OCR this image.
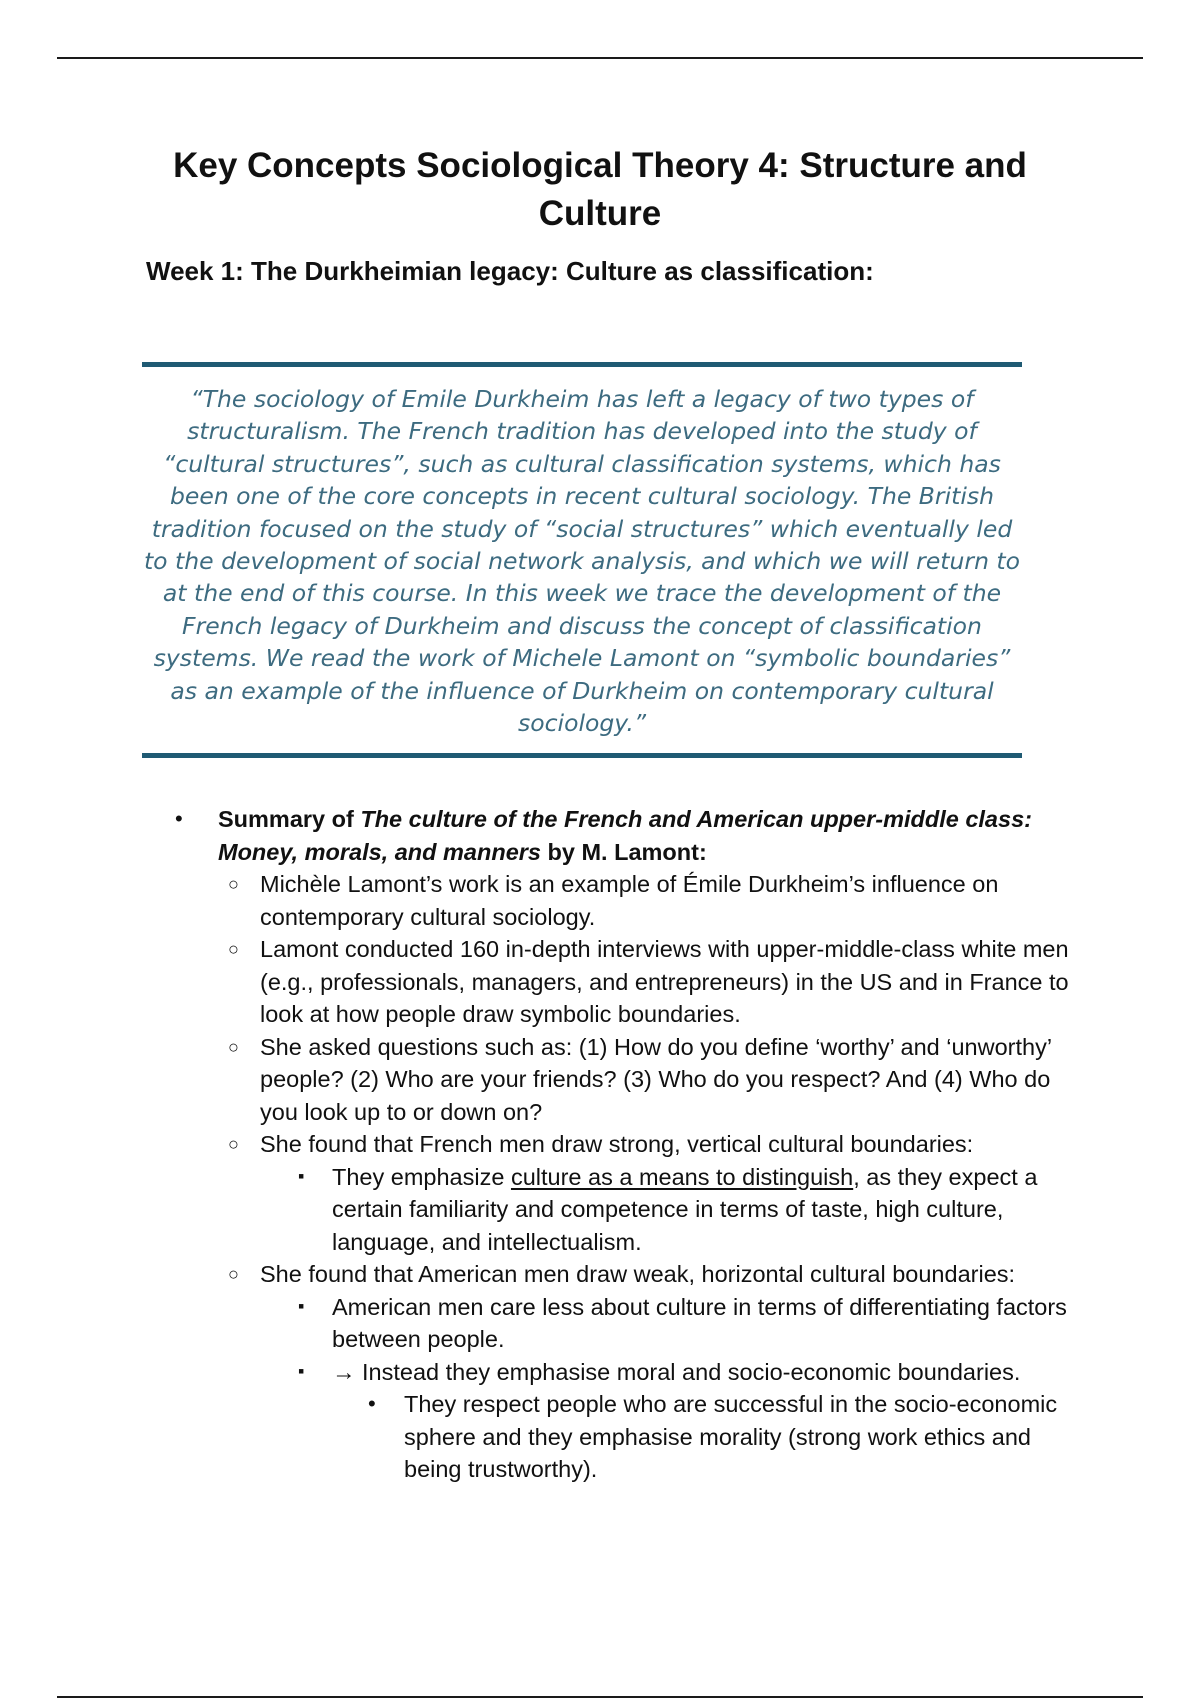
Key Concepts Sociological Theory 4: Structure and Culture
Week 1: The Durkheimian legacy: Culture as classification:

“The sociology of Emile Durkheim has left a legacy of two types of structuralism. The French tradition has developed into the study of “cultural structures”, such as cultural classification systems, which has been one of the core concepts in recent cultural sociology. The British tradition focused on the study of “social structures” which eventually led to the development of social network analysis, and which we will return to at the end of this course. In this week we trace the development of the French legacy of Durkheim and discuss the concept of classification systems. We read the work of Michele Lamont on “symbolic boundaries” as an example of the influence of Durkheim on contemporary cultural sociology.”

• Summary of The culture of the French and American upper-middle class: Money, morals, and manners by M. Lamont:
○ Michèle Lamont’s work is an example of Émile Durkheim’s influence on contemporary cultural sociology.
○ Lamont conducted 160 in-depth interviews with upper-middle-class white men (e.g., professionals, managers, and entrepreneurs) in the US and in France to look at how people draw symbolic boundaries.
○ She asked questions such as: (1) How do you define ‘worthy’ and ‘unworthy’ people? (2) Who are your friends? (3) Who do you respect? And (4) Who do you look up to or down on?
○ She found that French men draw strong, vertical cultural boundaries:
▪ They emphasize culture as a means to distinguish, as they expect a certain familiarity and competence in terms of taste, high culture, language, and intellectualism.
○ She found that American men draw weak, horizontal cultural boundaries:
▪ American men care less about culture in terms of differentiating factors between people.
▪ → Instead they emphasise moral and socio-economic boundaries.
• They respect people who are successful in the socio-economic sphere and they emphasise morality (strong work ethics and being trustworthy).
